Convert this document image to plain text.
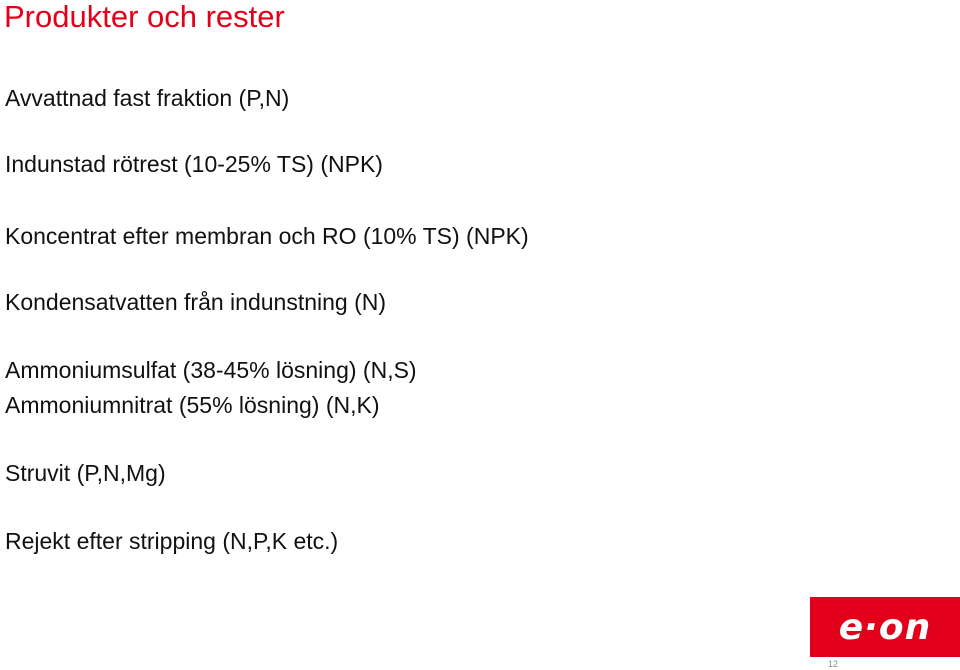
Produkter och rester

Avvattnad fast fraktion (P,N)

Indunstad rötrest (10-25% TS) (NPK)

Koncentrat efter membran och RO (10% TS) (NPK)

Kondensatvatten från indunstning (N)

Ammoniumsulfat (38-45% lösning) (N,S)

Ammoniumnitrat (55% lösning) (N,K)

Struvit (P,N,Mg)

Rejekt efter stripping (N,P,K etc.)

e·on
12
